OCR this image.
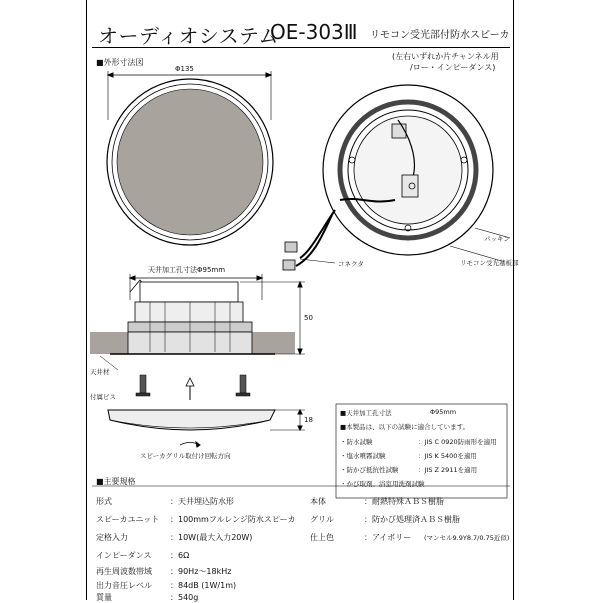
オーディオシステム
OE-303Ⅲ リモコン受光部付防水スピーカ
(左右いずれか片チャンネル用
/ロー・インピーダンス)
■外形寸法図
Φ135
パッキン
リモコン受光基板部
コネクタ
天井加工孔寸法Φ95mm
50
天井材
付属ビス
18
スピーカグリル取付け回転方向
■天井加工孔寸法	Φ95mm
■本製品は、以下の試験に適合しています。
・防水試験	：JIS C 0920防雨形を適用
・塩水噴霧試験	：JIS K 5400を適用
・防かび抵抗性試験	：JIS Z 2911を適用
・かび取剤、浴室用洗剤試験
■主要規格
形式	：天井埋込防水形
スピーカユニット ：100mmフルレンジ防水スピーカ
定格入力	：10W(最大入力20W)
インピーダンス ：6Ω
再生周波数帯域 ：90Hz～18kHz
出力音圧レベル ：84dB (1W/1m)
質量	：540g
本体	：耐熱特殊ＡＢＳ樹脂
グリル	：防かび処理済ＡＢＳ樹脂
仕上色	：アイボリー (マンセル9.9Y8.7/0.75近似)
